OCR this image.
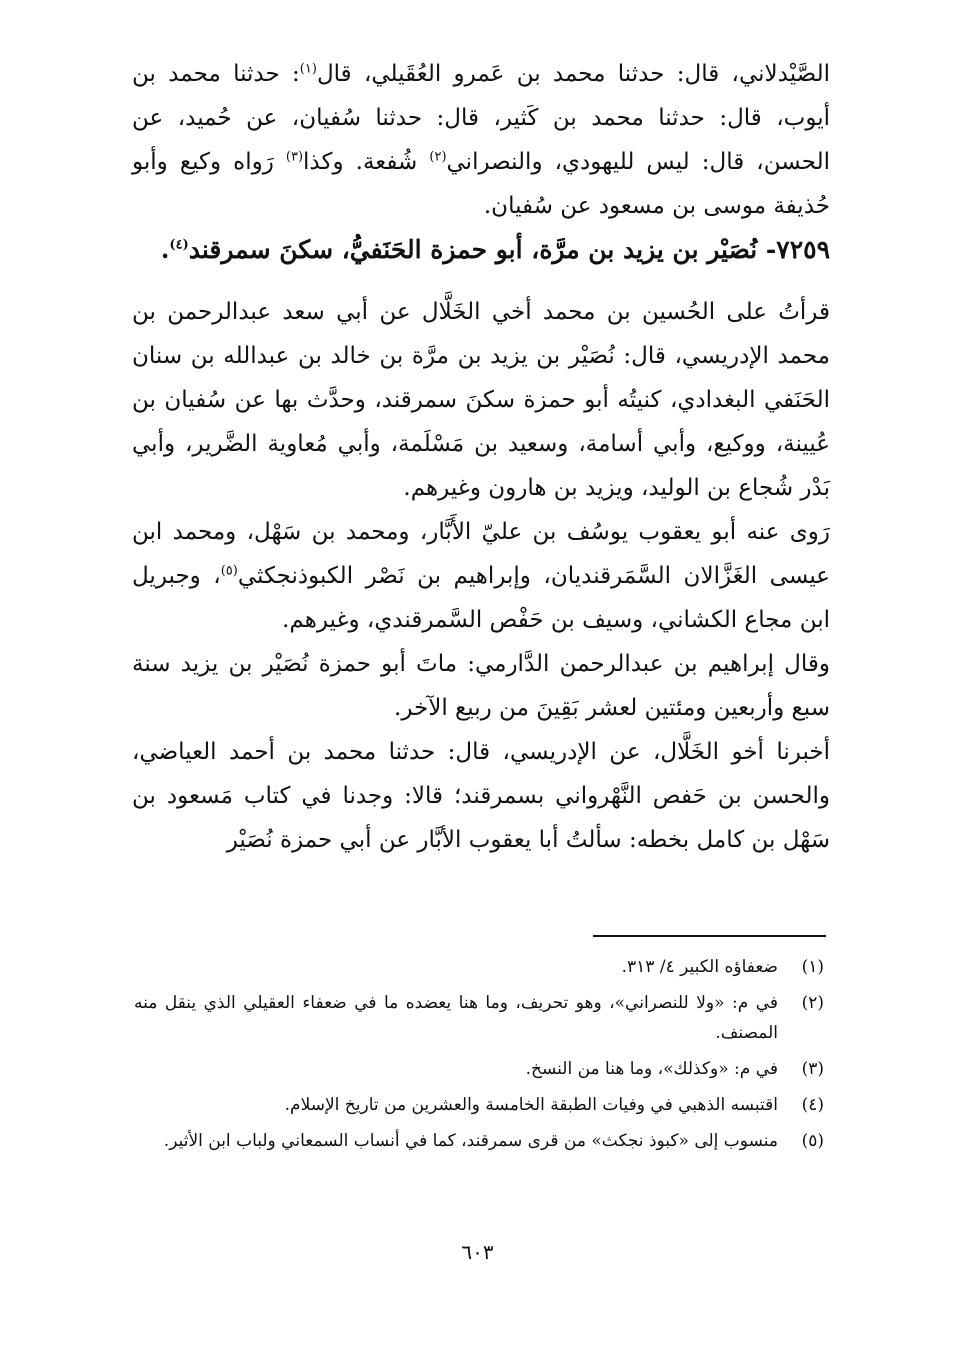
الصَّيْدلاني، قال: حدثنا محمد بن عَمرو العُقَيلي، قال$^{(١)}$: حدثنا محمد بن أيوب، قال: حدثنا محمد بن كَثير، قال: حدثنا سُفيان، عن حُميد، عن الحسن، قال: ليس لليهودي، والنصراني$^{(٢)}$ شُفعة. وكذا$^{(٣)}$ رَواه وكيع وأبو حُذيفة موسى بن مسعود عن سُفيان.

٧٢٥٩- نُصَيْر بن يزيد بن مرَّة، أبو حمزة الحَنَفيُّ، سكنَ سمرقند$^{(٤)}$.

قرأتُ على الحُسين بن محمد أخي الخَلَّال عن أبي سعد عبدالرحمن بن محمد الإدريسي، قال: نُصَيْر بن يزيد بن مرَّة بن خالد بن عبدالله بن سنان الحَنَفي البغدادي، كنيتُه أبو حمزة سكنَ سمرقند، وحدَّث بها عن سُفيان بن عُيينة، ووكيع، وأبي أسامة، وسعيد بن مَسْلَمة، وأبي مُعاوية الضَّرير، وأبي بَدْر شُجاع بن الوليد، ويزيد بن هارون وغيرهم.

رَوى عنه أبو يعقوب يوسُف بن عليّ الأَبَّار، ومحمد بن سَهْل، ومحمد ابن عيسى الغَزَّالان السَّمَرقنديان، وإبراهيم بن نَصْر الكبوذنجكثي$^{(٥)}$، وجبريل ابن مجاع الكشاني، وسيف بن حَفْص السَّمرقندي، وغيرهم.

وقال إبراهيم بن عبدالرحمن الدَّارمي: ماتَ أبو حمزة نُصَيْر بن يزيد سنة سبع وأربعين ومئتين لعشر بَقِينَ من ربيع الآخر.

أخبرنا أخو الخَلَّال، عن الإدريسي، قال: حدثنا محمد بن أحمد العياضي، والحسن بن حَفص النَّهْرواني بسمرقند؛ قالا: وجدنا في كتاب مَسعود بن سَهْل بن كامل بخطه: سألتُ أبا يعقوب الأبَّار عن أبي حمزة نُصَيْر

(١)
ضعفاؤه الكبير ٤/ ٣١٣.
(٢)
في م: «ولا للنصراني»، وهو تحريف، وما هنا يعضده ما في ضعفاء العقيلي الذي ينقل منه المصنف.
(٣)
في م: «وكذلك»، وما هنا من النسخ.
(٤)
اقتبسه الذهبي في وفيات الطبقة الخامسة والعشرين من تاريخ الإسلام.
(٥)
منسوب إلى «كبوذ نجكث» من قرى سمرقند، كما في أنساب السمعاني ولباب ابن الأثير.
٦٠٣
